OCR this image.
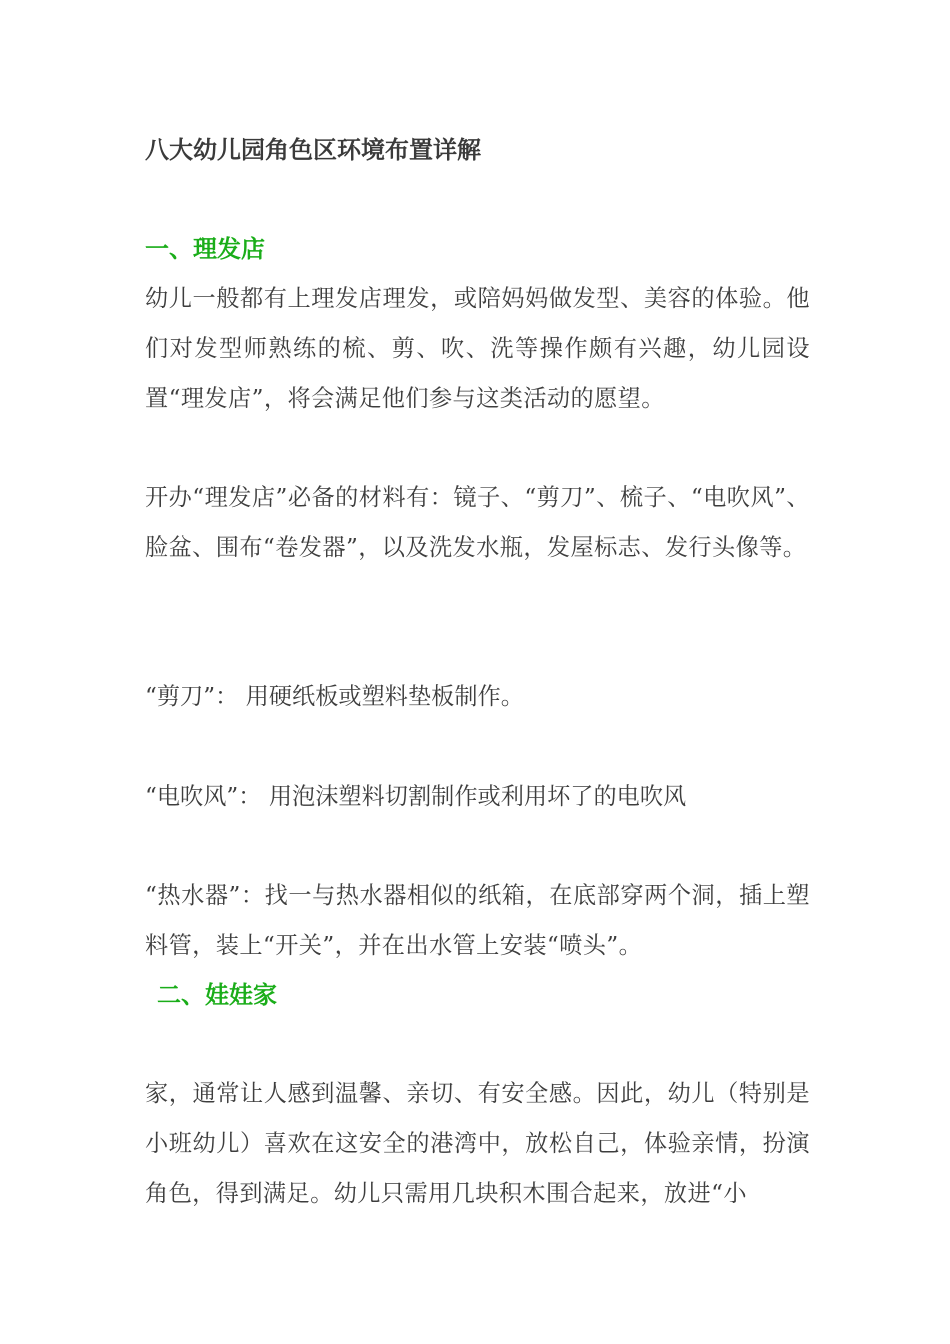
八大幼儿园角色区环境布置详解
一、理发店
幼儿一般都有上理发店理发，或陪妈妈做发型、美容的体验。他们对发型师熟练的梳、剪、吹、洗等操作颇有兴趣，幼儿园设置“理发店”，将会满足他们参与这类活动的愿望。
开办“理发店”必备的材料有：镜子、“剪刀”、梳子、“电吹风”、脸盆、围布“卷发器”，以及洗发水瓶，发屋标志、发行头像等。
“剪刀”： 用硬纸板或塑料垫板制作。
“电吹风”： 用泡沫塑料切割制作或利用坏了的电吹风
“热水器”：找一与热水器相似的纸箱，在底部穿两个洞，插上塑料管，装上“开关”，并在出水管上安装“喷头”。
二、娃娃家
家，通常让人感到温馨、亲切、有安全感。因此，幼儿（特别是小班幼儿）喜欢在这安全的港湾中，放松自己，体验亲情，扮演角色，得到满足。幼儿只需用几块积木围合起来，放进“小
